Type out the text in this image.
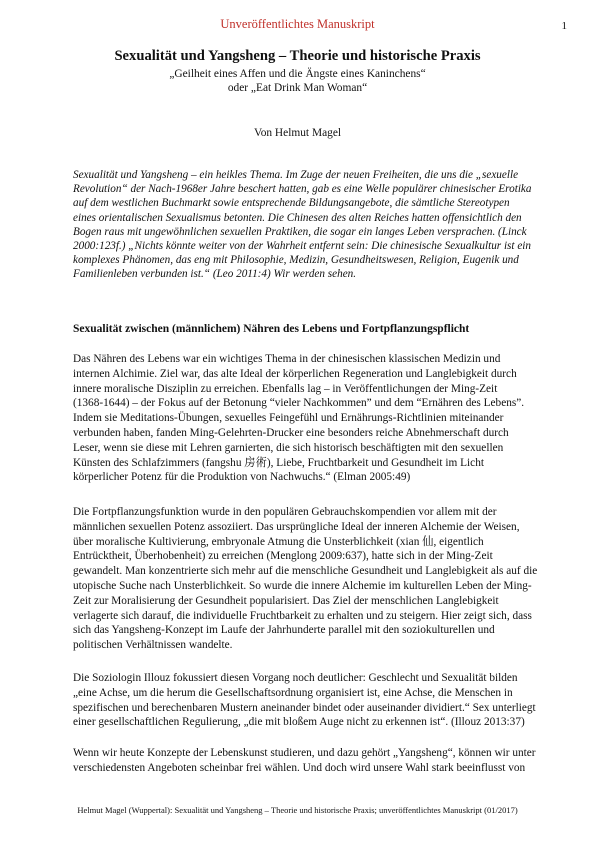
Unveröffentlichtes Manuskript	1
Sexualität und Yangsheng – Theorie und historische Praxis
„Geilheit eines Affen und die Ängste eines Kaninchens“
oder „Eat Drink Man Woman“
Von Helmut Magel
Sexualität und Yangsheng – ein heikles Thema. Im Zuge der neuen Freiheiten, die uns die „sexuelle
Revolution“ der Nach-1968er Jahre beschert hatten, gab es eine Welle populärer chinesischer Erotika
auf dem westlichen Buchmarkt sowie entsprechende Bildungsangebote, die sämtliche Stereotypen
eines orientalischen Sexualismus betonten. Die Chinesen des alten Reiches hatten offensichtlich den
Bogen raus mit ungewöhnlichen sexuellen Praktiken, die sogar ein langes Leben versprachen. (Linck
2000:123f.) „Nichts könnte weiter von der Wahrheit entfernt sein: Die chinesische Sexualkultur ist ein
komplexes Phänomen, das eng mit Philosophie, Medizin, Gesundheitswesen, Religion, Eugenik und
Familienleben verbunden ist.“ (Leo 2011:4) Wir werden sehen.
Sexualität zwischen (männlichem) Nähren des Lebens und Fortpflanzungspflicht
Das Nähren des Lebens war ein wichtiges Thema in der chinesischen klassischen Medizin und
internen Alchimie. Ziel war, das alte Ideal der körperlichen Regeneration und Langlebigkeit durch
innere moralische Disziplin zu erreichen. Ebenfalls lag – in Veröffentlichungen der Ming-Zeit
(1368-1644) – der Fokus auf der Betonung “vieler Nachkommen” und dem “Ernähren des Lebens”.
Indem sie Meditations-Übungen, sexuelles Feingefühl und Ernährungs-Richtlinien miteinander
verbunden haben, fanden Ming-Gelehrten-Drucker eine besonders reiche Abnehmerschaft durch
Leser, wenn sie diese mit Lehren garnierten, die sich historisch beschäftigten mit den sexuellen
Künsten des Schlafzimmers (fangshu 房術), Liebe, Fruchtbarkeit und Gesundheit im Licht
körperlicher Potenz für die Produktion von Nachwuchs.“ (Elman 2005:49)
Die Fortpflanzungsfunktion wurde in den populären Gebrauchskompendien vor allem mit der
männlichen sexuellen Potenz assoziiert. Das ursprüngliche Ideal der inneren Alchemie der Weisen,
über moralische Kultivierung, embryonale Atmung die Unsterblichkeit (xian 仙, eigentlich
Entrücktheit, Überhobenheit) zu erreichen (Menglong 2009:637), hatte sich in der Ming-Zeit
gewandelt. Man konzentrierte sich mehr auf die menschliche Gesundheit und Langlebigkeit als auf die
utopische Suche nach Unsterblichkeit. So wurde die innere Alchemie im kulturellen Leben der Ming-
Zeit zur Moralisierung der Gesundheit popularisiert. Das Ziel der menschlichen Langlebigkeit
verlagerte sich darauf, die individuelle Fruchtbarkeit zu erhalten und zu steigern. Hier zeigt sich, dass
sich das Yangsheng-Konzept im Laufe der Jahrhunderte parallel mit den soziokulturellen und
politischen Verhältnissen wandelte.
Die Soziologin Illouz fokussiert diesen Vorgang noch deutlicher: Geschlecht und Sexualität bilden
„eine Achse, um die herum die Gesellschaftsordnung organisiert ist, eine Achse, die Menschen in
spezifischen und berechenbaren Mustern aneinander bindet oder auseinander dividiert.“ Sex unterliegt
einer gesellschaftlichen Regulierung, „die mit bloßem Auge nicht zu erkennen ist“. (Illouz 2013:37)
Wenn wir heute Konzepte der Lebenskunst studieren, und dazu gehört „Yangsheng“, können wir unter
verschiedensten Angeboten scheinbar frei wählen. Und doch wird unsere Wahl stark beeinflusst von
Helmut Magel (Wuppertal): Sexualität und Yangsheng – Theorie und historische Praxis; unveröffentlichtes Manuskript (01/2017)
